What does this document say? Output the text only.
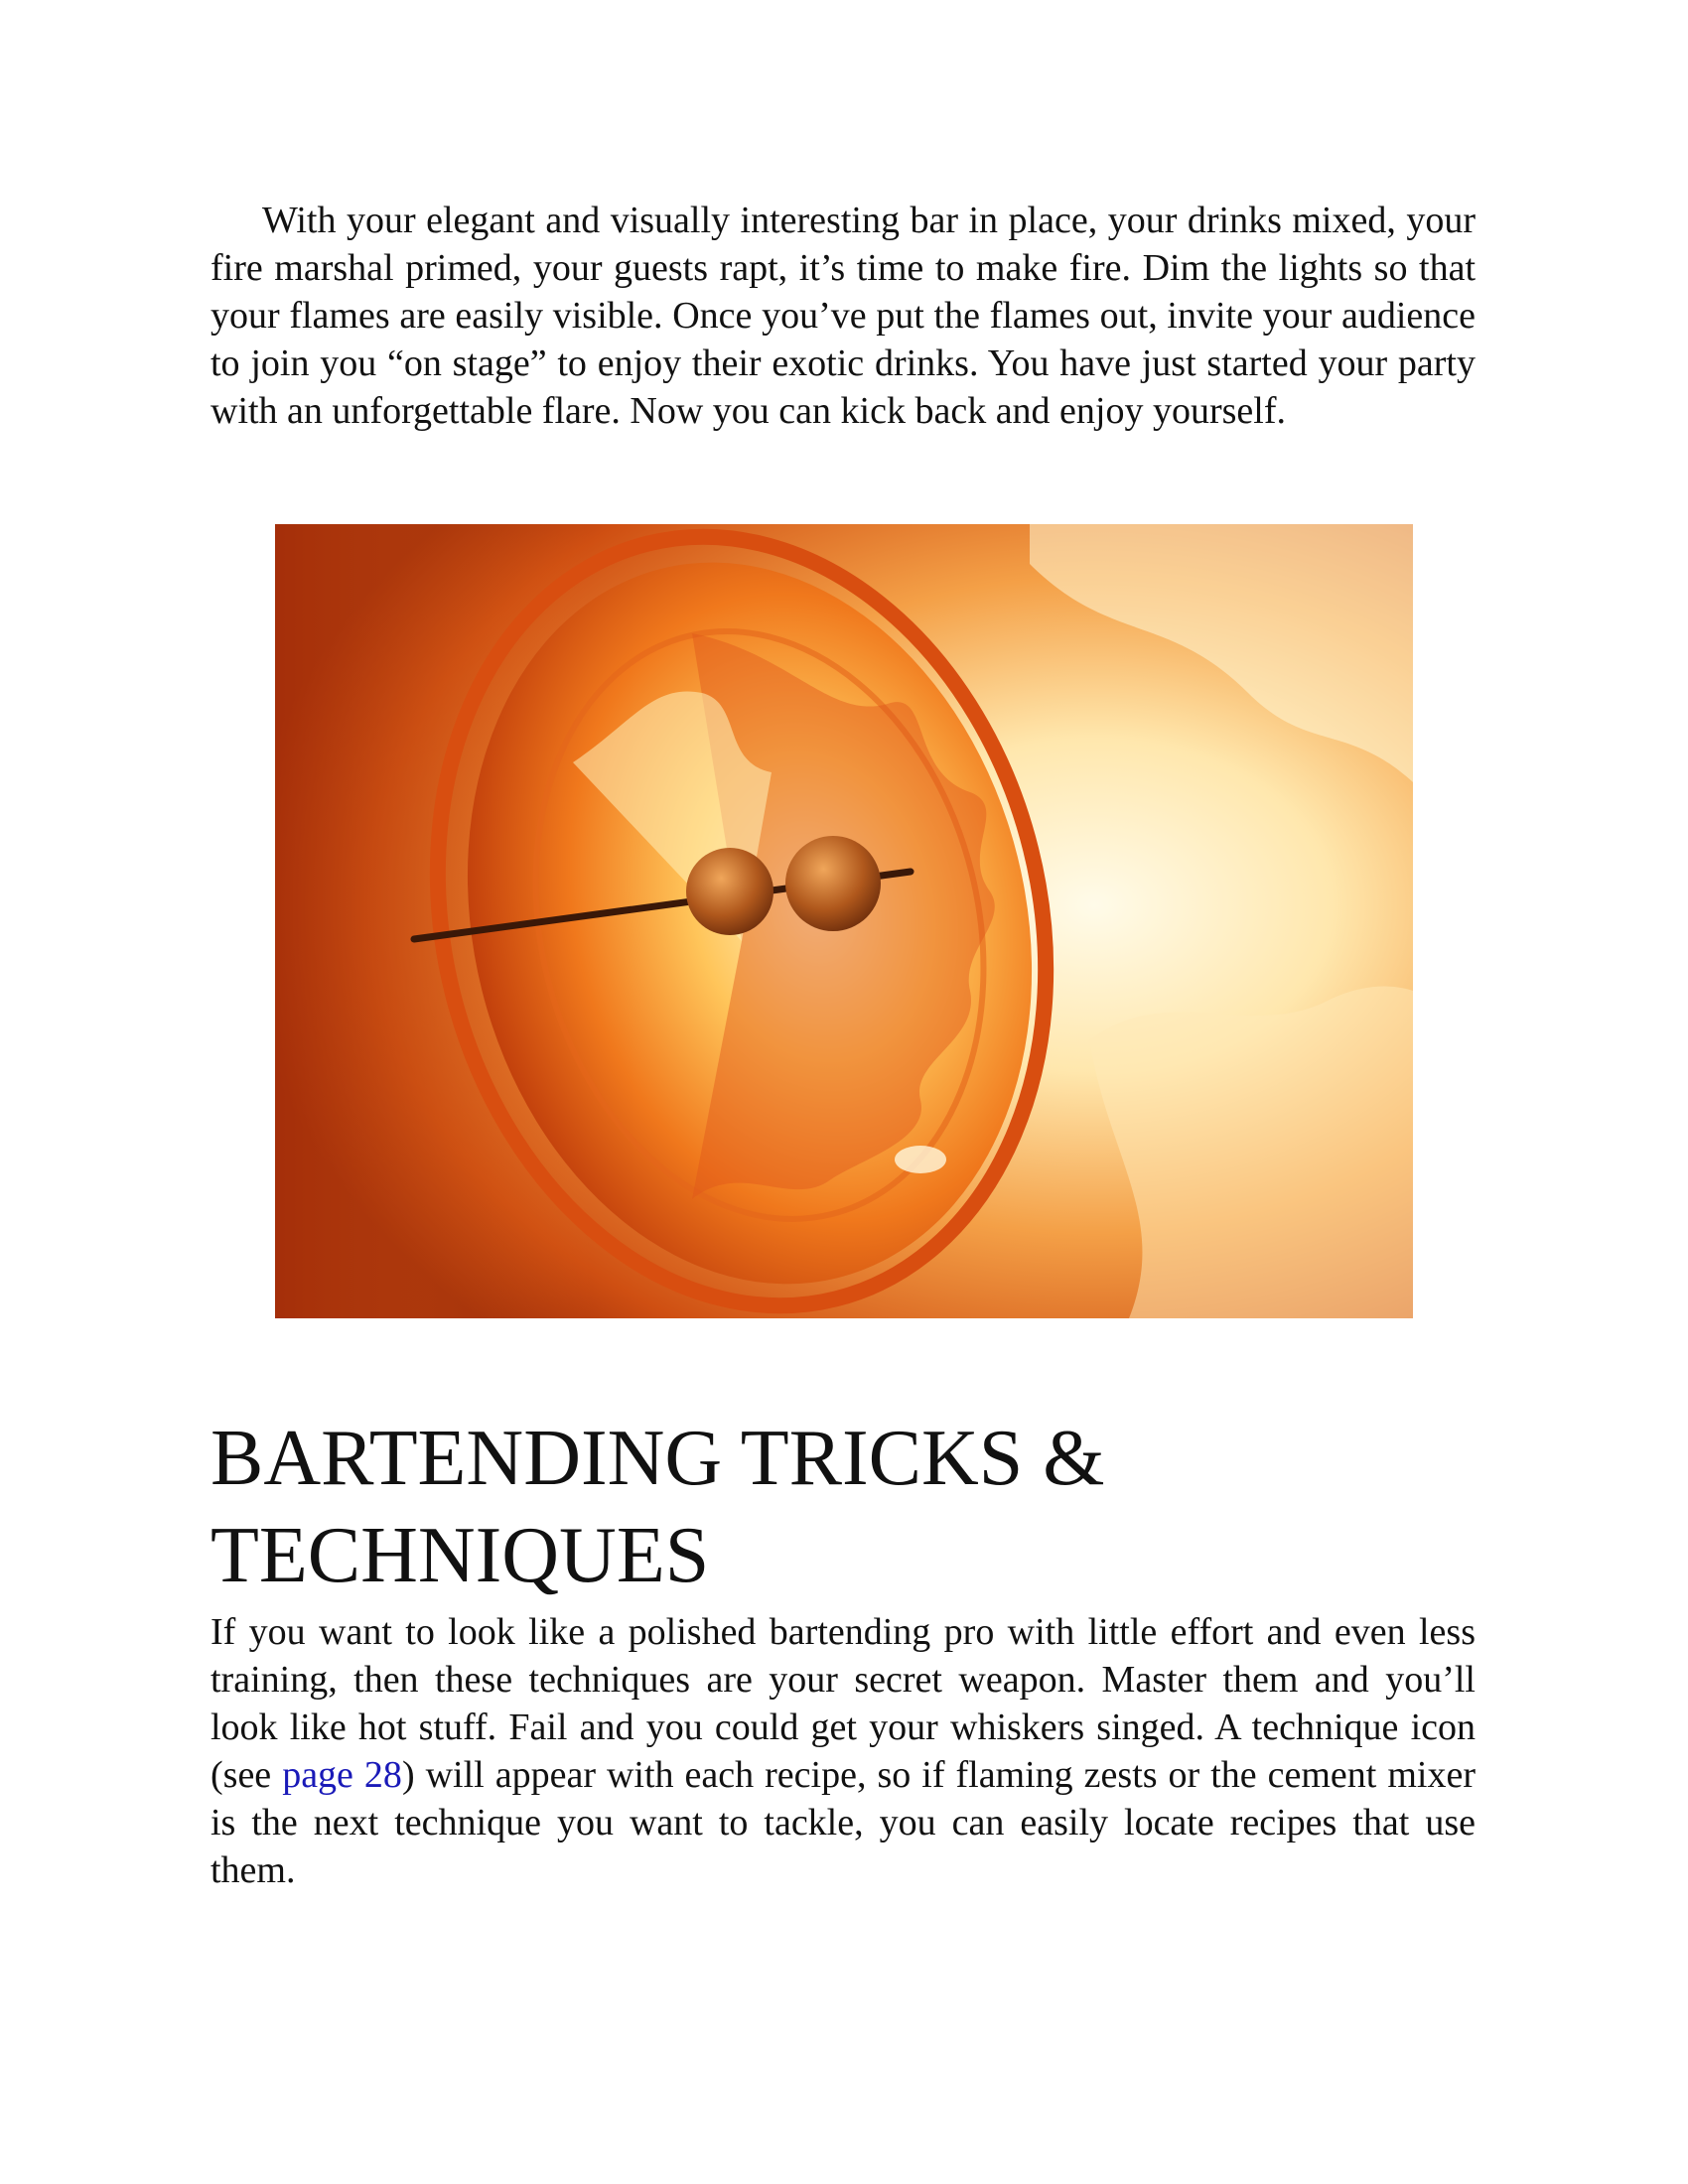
With your elegant and visually interesting bar in place, your drinks mixed, your fire marshal primed, your guests rapt, it’s time to make fire. Dim the lights so that your flames are easily visible. Once you’ve put the flames out, invite your audience to join you “on stage” to enjoy their exotic drinks. You have just started your party with an unforgettable flare. Now you can kick back and enjoy yourself.

BARTENDING TRICKS & TECHNIQUES

If you want to look like a polished bartending pro with little effort and even less training, then these techniques are your secret weapon. Master them and you’ll look like hot stuff. Fail and you could get your whiskers singed. A technique icon (see page 28) will appear with each recipe, so if flaming zests or the cement mixer is the next technique you want to tackle, you can easily locate recipes that use them.
